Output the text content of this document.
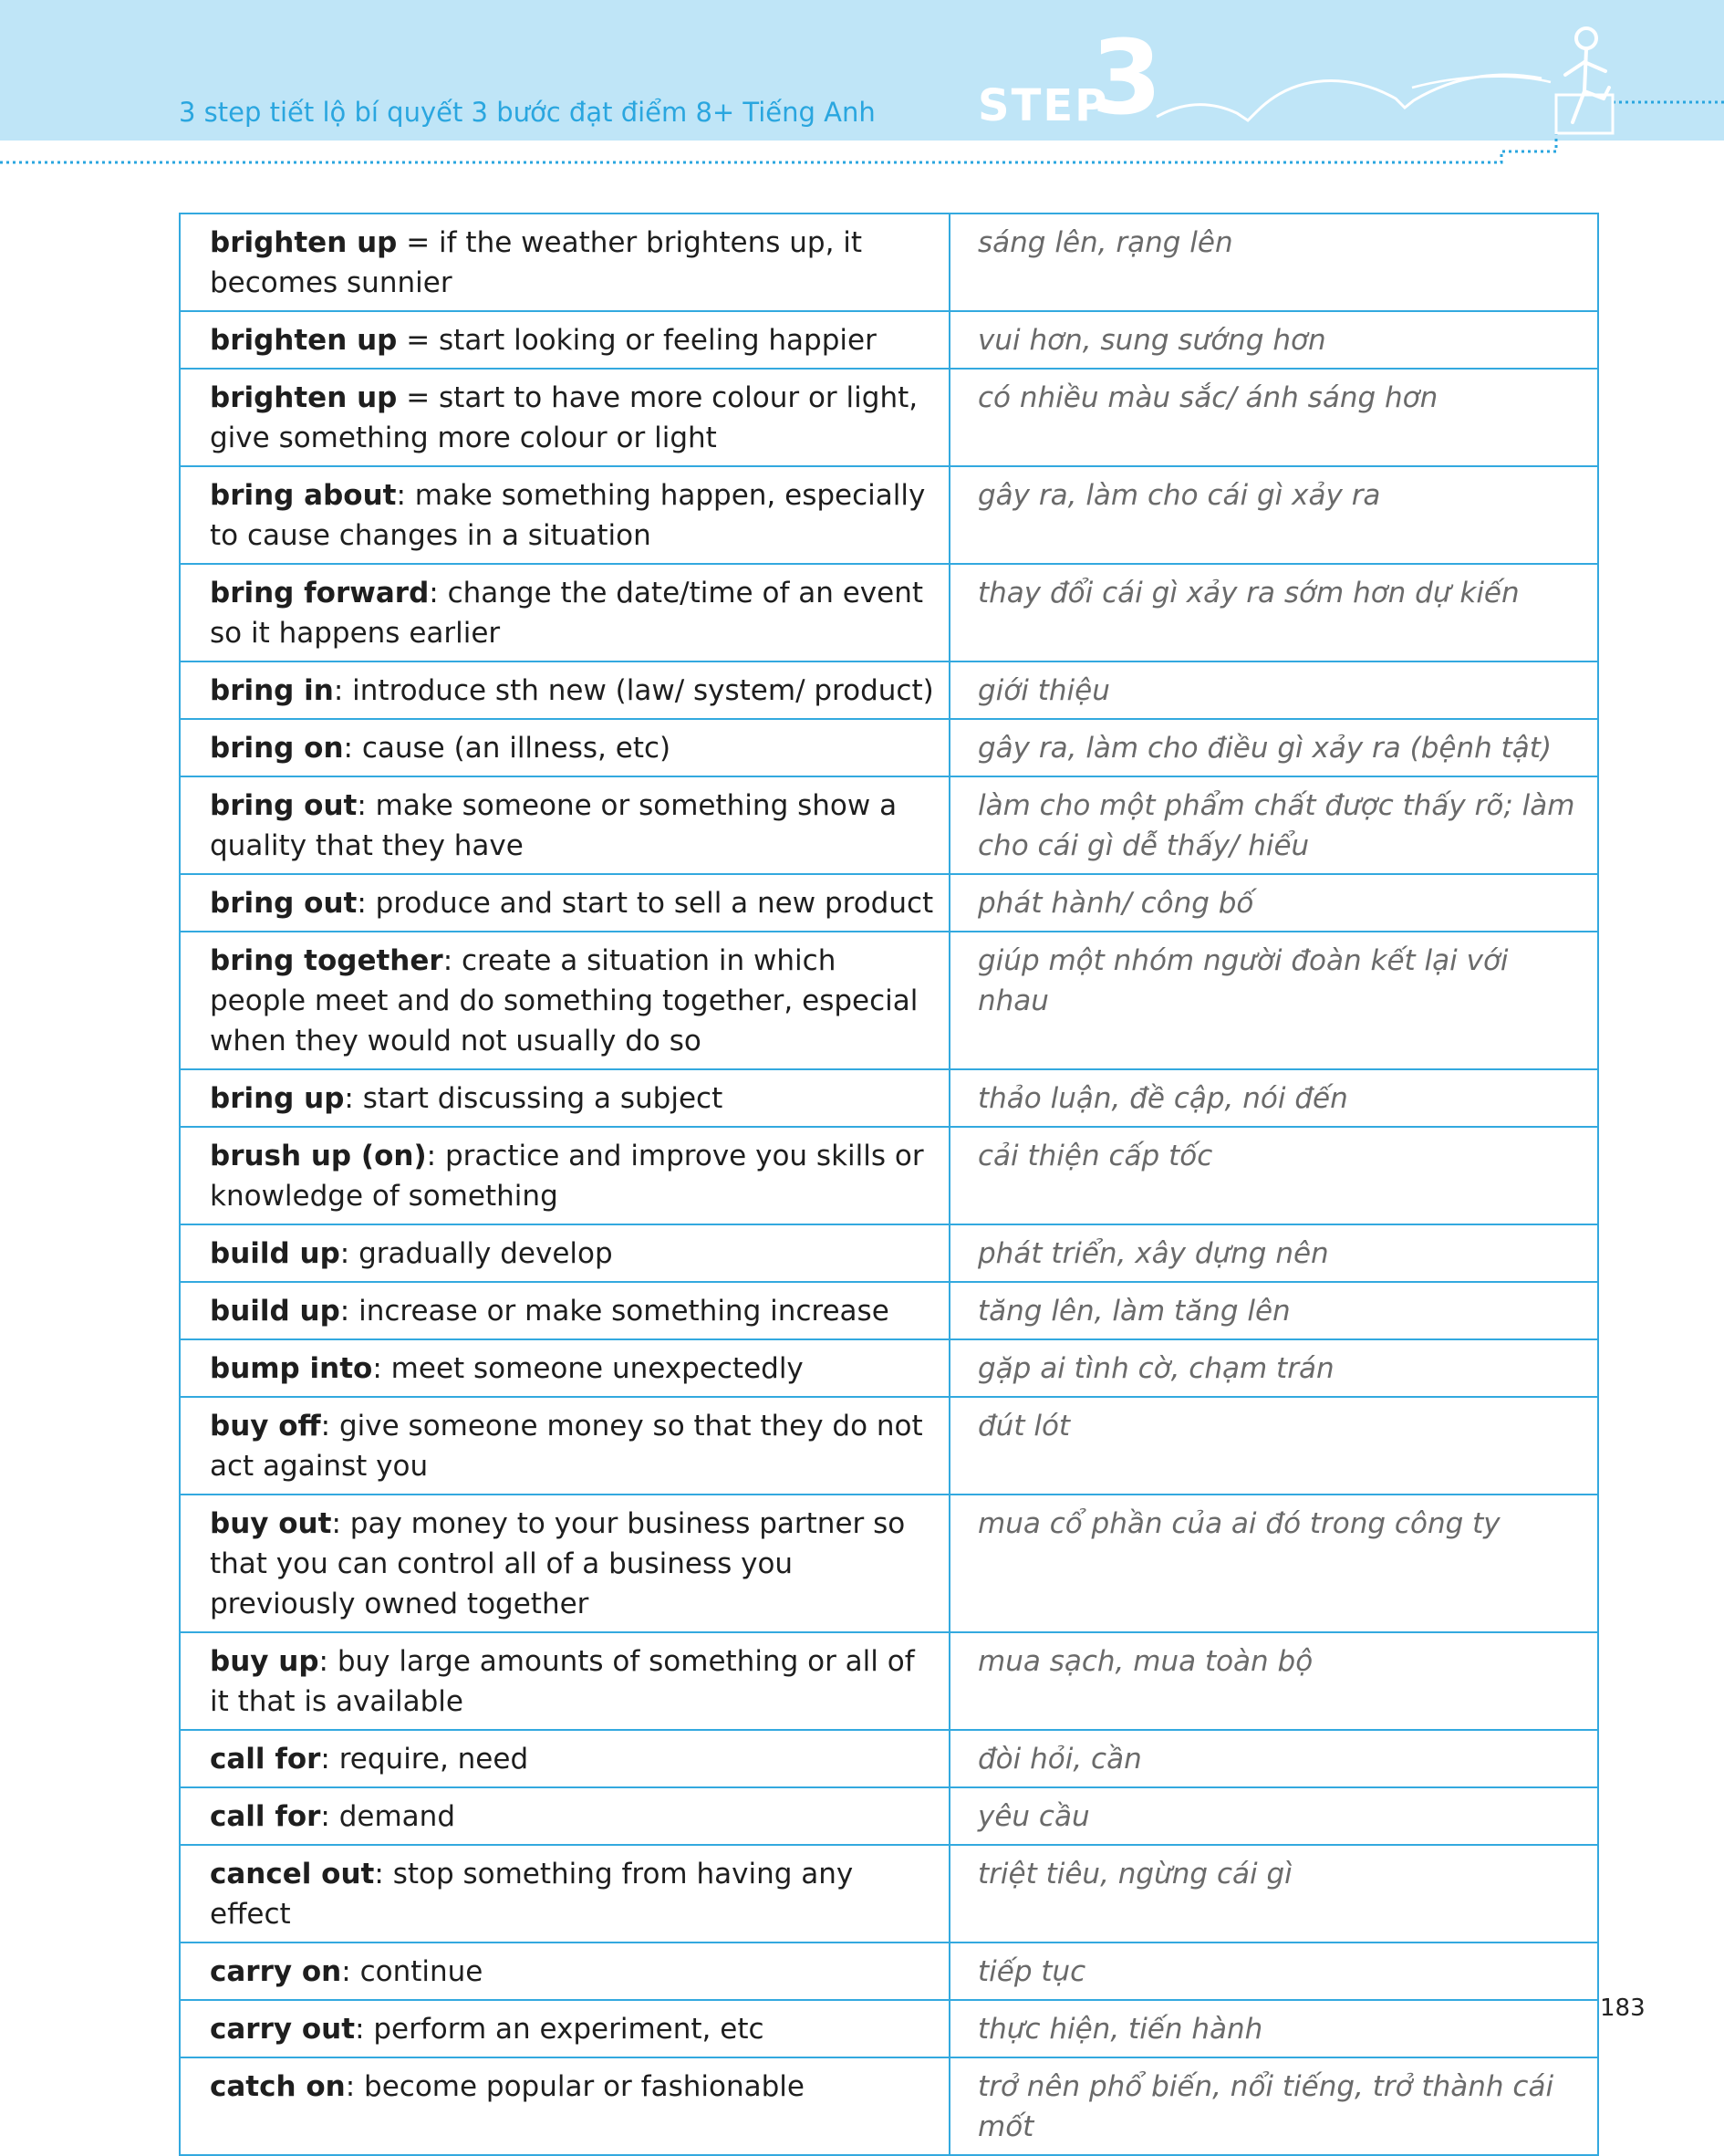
3 step tiết lộ bí quyết 3 bước đạt điểm 8+ Tiếng Anh STEP
3
brighten up = if the weather brightens up, it becomes sunnier	sáng lên, rạng lên
brighten up = start looking or feeling happier	vui hơn, sung sướng hơn
brighten up = start to have more colour or light, give something more colour or light	có nhiều màu sắc/ ánh sáng hơn
bring about: make something happen, especially to cause changes in a situation	gây ra, làm cho cái gì xảy ra
bring forward: change the date/time of an event so it happens earlier	thay đổi cái gì xảy ra sớm hơn dự kiến
bring in: introduce sth new (law/ system/ product)	giới thiệu
bring on: cause (an illness, etc)	gây ra, làm cho điều gì xảy ra (bệnh tật)
bring out: make someone or something show a quality that they have	làm cho một phẩm chất được thấy rõ; làm cho cái gì dễ thấy/ hiểu
bring out: produce and start to sell a new product	phát hành/ công bố
bring together: create a situation in which people meet and do something together, especial when they would not usually do so	giúp một nhóm người đoàn kết lại với nhau
bring up: start discussing a subject	thảo luận, đề cập, nói đến
brush up (on): practice and improve you skills or knowledge of something	cải thiện cấp tốc
build up: gradually develop	phát triển, xây dựng nên
build up: increase or make something increase	tăng lên, làm tăng lên
bump into: meet someone unexpectedly	gặp ai tình cờ, chạm trán
buy off: give someone money so that they do not act against you	đút lót
buy out: pay money to your business partner so that you can control all of a business you previously owned together	mua cổ phần của ai đó trong công ty
buy up: buy large amounts of something or all of it that is available	mua sạch, mua toàn bộ
call for: require, need	đòi hỏi, cần
call for: demand	yêu cầu
cancel out: stop something from having any effect	triệt tiêu, ngừng cái gì
carry on: continue	tiếp tục
carry out: perform an experiment, etc	thực hiện, tiến hành
catch on: become popular or fashionable	trở nên phổ biến, nổi tiếng, trở thành cái mốt
183
